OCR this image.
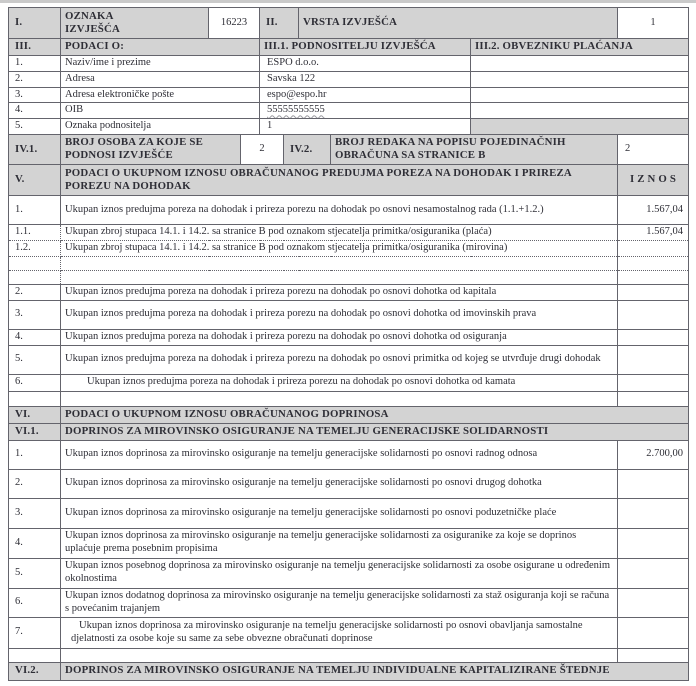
I.	OZNAKA IZVJEŠĆA	16223		II.		VRSTA IZVJEŠĆA			1
III.	PODACI O:			III.1. PODNOSITELJU IZVJEŠĆA				III.2. OBVEZNIKU PLAĆANJA	
1.	Naziv/ime i prezime			ESPO d.o.o.					
2.	Adresa			Savska 122					
3.	Adresa elektroničke pošte			espo@espo.hr					
4.	OIB			55555555555					
5.	Oznaka podnositelja			1					
IV.1.	BROJ OSOBA ZA KOJE SE PODNOSI IZVJEŠĆE		2		IV.2.		BROJ REDAKA NA POPISU POJEDINAČNIH OBRAČUNA SA STRANICE B		2
V.	PODACI O UKUPNOM IZNOSU OBRAČUNANOG PREDUJMA POREZA NA DOHODAK I PRIREZA POREZU NA DOHODAK								I Z N O S
1.	Ukupan iznos predujma poreza na dohodak i prireza porezu na dohodak po osnovi nesamostalnog rada (1.1.+1.2.)								1.567,04
1.1.	Ukupan zbroj stupaca 14.1. i 14.2. sa stranice B pod oznakom stjecatelja primitka/osiguranika (plaća)								1.567,04
1.2.	Ukupan zbroj stupaca 14.1. i 14.2. sa stranice B pod oznakom stjecatelja primitka/osiguranika (mirovina)								

2.	Ukupan iznos predujma poreza na dohodak i prireza porezu na dohodak po osnovi dohotka od kapitala								
3.	Ukupan iznos predujma poreza na dohodak i prireza porezu na dohodak po osnovi dohotka od imovinskih prava								
4.	Ukupan iznos predujma poreza na dohodak i prireza porezu na dohodak po osnovi dohotka od osiguranja								
5.	Ukupan iznos predujma poreza na dohodak i prireza porezu na dohodak po osnovi primitka od kojeg se utvrđuje drugi dohodak								
6.	Ukupan iznos predujma poreza na dohodak i prireza porezu na dohodak po osnovi dohotka od kamata								

VI.	PODACI O UKUPNOM IZNOSU OBRAČUNANOG DOPRINOSA								
VI.1.	DOPRINOS ZA MIROVINSKO OSIGURANJE NA TEMELJU GENERACIJSKE SOLIDARNOSTI								
1.	Ukupan iznos doprinosa za mirovinsko osiguranje na temelju generacijske solidarnosti po osnovi radnog odnosa								2.700,00
2.	Ukupan iznos doprinosa za mirovinsko osiguranje na temelju generacijske solidarnosti po osnovi drugog dohotka								
3.	Ukupan iznos doprinosa za mirovinsko osiguranje na temelju generacijske solidarnosti po osnovi poduzetničke plaće								
4.	Ukupan iznos doprinosa za mirovinsko osiguranje na temelju generacijske solidarnosti za osiguranike za koje se doprinos uplaćuje prema posebnim propisima								
5.	Ukupan iznos posebnog doprinosa za mirovinsko osiguranje na temelju generacijske solidarnosti za osobe osigurane u određenim okolnostima								
6.	Ukupan iznos dodatnog doprinosa za mirovinsko osiguranje na temelju generacijske solidarnosti za staž osiguranja koji se računa s povećanim trajanjem								
7.	Ukupan iznos doprinosa za mirovinsko osiguranje na temelju generacijske solidarnosti po osnovi obavljanja samostalne djelatnosti za osobe koje su same za sebe obvezne obračunati doprinose								

VI.2.	DOPRINOS ZA MIROVINSKO OSIGURANJE NA TEMELJU INDIVIDUALNE KAPITALIZIRANE ŠTEDNJE								
